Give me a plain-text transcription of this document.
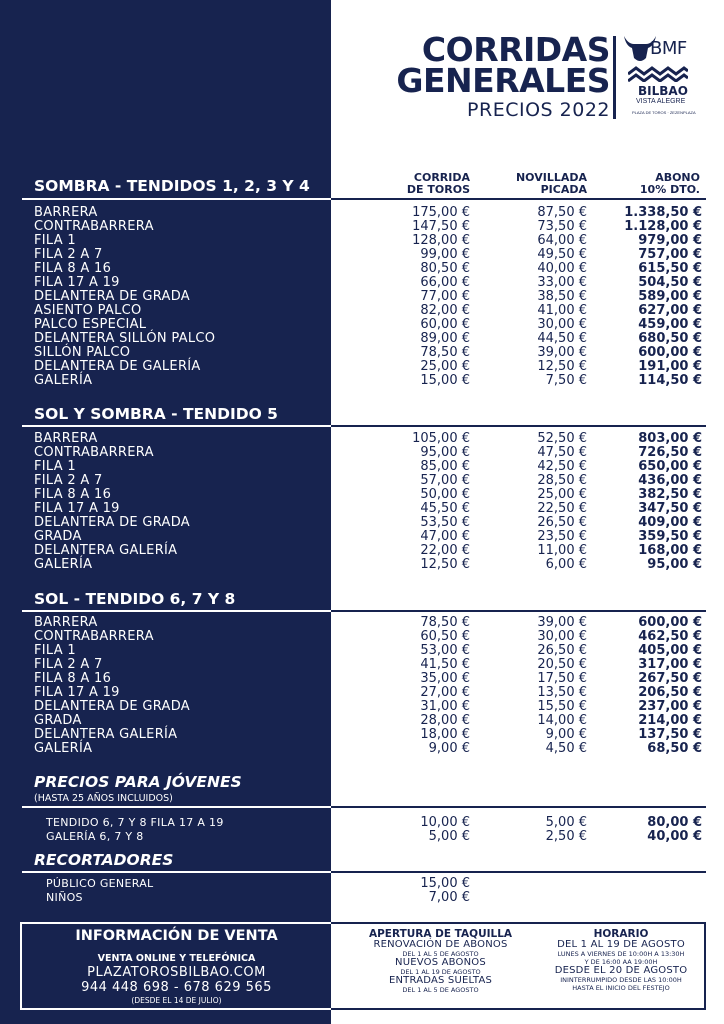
CORRIDAS
GENERALES
PRECIOS 2022
BMF
BILBAO
VISTA ALEGRE
PLAZA DE TOROS · ZEZENPLAZA
CORRIDA
DE TOROS
NOVILLADA
PICADA
ABONO
10% DTO.
SOMBRA - TENDIDOS 1, 2, 3 Y 4
BARRERA	175,00 €	87,50 €	1.338,50 €
CONTRABARRERA	147,50 €	73,50 €	1.128,00 €
FILA 1	128,00 €	64,00 €	979,00 €
FILA 2 A 7	99,00 €	49,50 €	757,00 €
FILA 8 A 16	80,50 €	40,00 €	615,50 €
FILA 17 A 19	66,00 €	33,00 €	504,50 €
DELANTERA DE GRADA	77,00 €	38,50 €	589,00 €
ASIENTO PALCO	82,00 €	41,00 €	627,00 €
PALCO ESPECIAL	60,00 €	30,00 €	459,00 €
DELANTERA SILLÓN PALCO	89,00 €	44,50 €	680,50 €
SILLÓN PALCO	78,50 €	39,00 €	600,00 €
DELANTERA DE GALERÍA	25,00 €	12,50 €	191,00 €
GALERÍA	15,00 €	7,50 €	114,50 €
SOL Y SOMBRA - TENDIDO 5
BARRERA	105,00 €	52,50 €	803,00 €
CONTRABARRERA	95,00 €	47,50 €	726,50 €
FILA 1	85,00 €	42,50 €	650,00 €
FILA 2 A 7	57,00 €	28,50 €	436,00 €
FILA 8 A 16	50,00 €	25,00 €	382,50 €
FILA 17 A 19	45,50 €	22,50 €	347,50 €
DELANTERA DE GRADA	53,50 €	26,50 €	409,00 €
GRADA	47,00 €	23,50 €	359,50 €
DELANTERA GALERÍA	22,00 €	11,00 €	168,00 €
GALERÍA	12,50 €	6,00 €	95,00 €
SOL - TENDIDO 6, 7 Y 8
BARRERA	78,50 €	39,00 €	600,00 €
CONTRABARRERA	60,50 €	30,00 €	462,50 €
FILA 1	53,00 €	26,50 €	405,00 €
FILA 2 A 7	41,50 €	20,50 €	317,00 €
FILA 8 A 16	35,00 €	17,50 €	267,50 €
FILA 17 A 19	27,00 €	13,50 €	206,50 €
DELANTERA DE GRADA	31,00 €	15,50 €	237,00 €
GRADA	28,00 €	14,00 €	214,00 €
DELANTERA GALERÍA	18,00 €	9,00 €	137,50 €
GALERÍA	9,00 €	4,50 €	68,50 €
PRECIOS PARA JÓVENES
(HASTA 25 AÑOS INCLUIDOS)
TENDIDO 6, 7 Y 8 FILA 17 A 19	10,00 €	5,00 €	80,00 €
GALERÍA 6, 7 Y 8	5,00 €	2,50 €	40,00 €
RECORTADORES
PÚBLICO GENERAL	15,00 €
NIÑOS	7,00 €
INFORMACIÓN DE VENTA
VENTA ONLINE Y TELEFÓNICA
PLAZATOROSBILBAO.COM
944 448 698 - 678 629 565
(DESDE EL 14 DE JULIO)
APERTURA DE TAQUILLA
RENOVACIÓN DE ABONOS
DEL 1 AL 5 DE AGOSTO
NUEVOS ABONOS
DEL 1 AL 19 DE AGOSTO
ENTRADAS SUELTAS
DEL 1 AL 5 DE AGOSTO
HORARIO
DEL 1 AL 19 DE AGOSTO
LUNES A VIERNES DE 10:00H A 13:30H
Y DE 16:00 AA 19:00H
DESDE EL 20 DE AGOSTO
ININTERRUMPIDO DESDE LAS 10:00H
HASTA EL INICIO DEL FESTEJO
